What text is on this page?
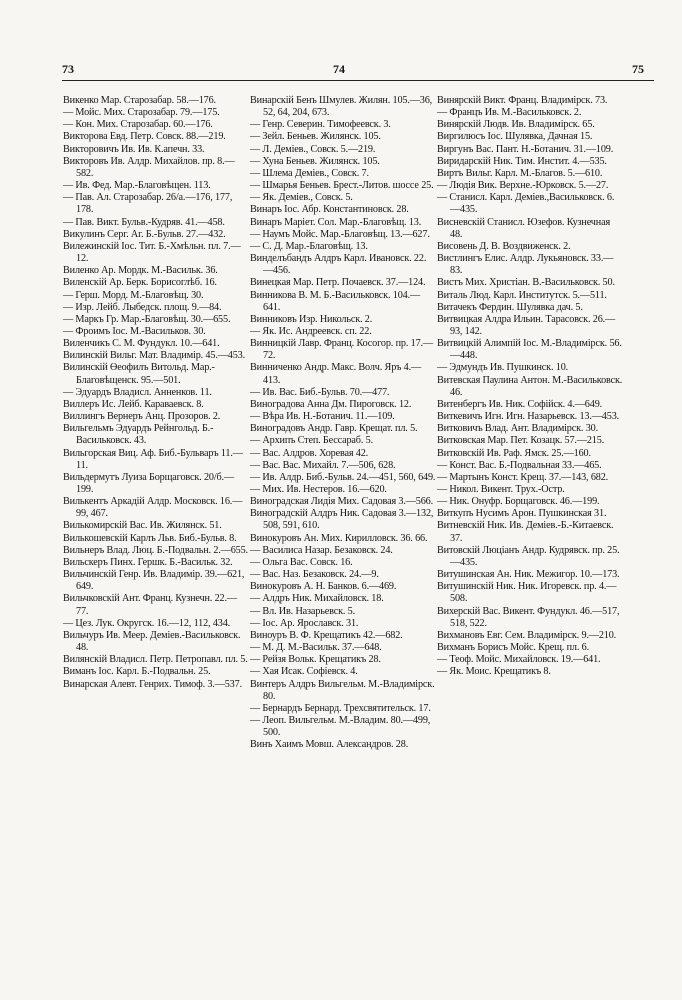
73	74	75
Викенко Мар. Старозабар. 58.—176.
— Мойс. Мих. Старозабар. 79.—175.
— Кон. Мих. Старозабар. 60.—176.
Викторова Евд. Петр. Совск. 88.—219.
Викторовичъ Ив. Ив. К.апечн. 33.
Викторовъ Ив. Алдр. Михайлов. пр. 8.—582.
— Ив. Фед. Мар.-Благовѣщен. 113.
— Пав. Ал. Старозабар. 26/а.—176, 177, 178.
— Пав. Викт. Бульв.-Кудряв. 41.—458.
Викулинъ Серг. Аг. Б.-Бульв. 27.—432.
Вилежинскій Іос. Тит. Б.-Хмѣльн. пл. 7.—12.
Виленко Ар. Мордк. М.-Васильк. 36.
Виленскій Ар. Берк. Борисоглѣб. 16.
— Герш. Морд. М.-Благовѣщ. 30.
— Изр. Лейб. Лыбедск. площ. 9.—84.
— Маркъ Гр. Мар.-Благовѣщ. 30.—655.
— Фроимъ Іос. М.-Васильков. 30.
Виленчикъ С. М. Фундукл. 10.—641.
Вилинскій Вильг. Мат. Владимір. 45.—453.
Вилинскій Өеофилъ Витольд. Мар.-Благовѣщенск. 95.—501.
— Эдуардъ Владисл. Анненков. 11.
Виллеръ Ис. Лейб. Караваевск. 8.
Виллингъ Вернеръ Анц. Прозоров. 2.
Вильгельмъ Эдуардъ Рейнгольд. Б.-Васильковск. 43.
Вильгорская Виц. Аф. Биб.-Бульваръ 11.—11.
Вильдермутъ Луиза Борщаговск. 20/б.—199.
Вилькентъ Аркадій Алдр. Московск. 16.—99, 467.
Вилькомирскій Вас. Ив. Жилянск. 51.
Вилькошевскій Карлъ Льв. Биб.-Бульв. 8.
Вильнеръ Влад. Люц. Б.-Подвальн. 2.—655.
Вильскеръ Пинх. Гершк. Б.-Васильк. 32.
Вильчинскій Генр. Ив. Владимір. 39.—621, 649.
Вильчковскій Ант. Франц. Кузнечн. 22.—77.
— Цез. Лук. Округск. 16.—12, 112, 434.
Вильчуръ Ив. Меер. Деміев.-Васильковск. 48.
Вилянскій Владисл. Петр. Петропавл. пл. 5.
Виманъ Іос. Карл. Б.-Подвальн. 25.
Винарская Алевт. Генрих. Тимоф. 3.—537.
Винарскій Бенъ Шмулев. Жилян. 105.—36, 52, 64, 204, 673.
— Генр. Северин. Тимофеевск. 3.
— Зейл. Беньев. Жилянск. 105.
— Л. Деміев., Совск. 5.—219.
— Хуна Беньев. Жилянск. 105.
— Шлема Деміев., Совск. 7.
— Шмарья Беньев. Брест.-Литов. шоссе 25.
— Як. Деміев., Совск. 5.
Винаръ Іос. Абр. Константиновск. 28.
Винаръ Маріет. Сол. Мар.-Благовѣщ. 13.
— Наумъ Мойс. Мар.-Благовѣщ. 13.—627.
— С. Д. Мар.-Благовѣщ. 13.
Винделъбандъ Алдръ Карл. Ивановск. 22.—456.
Винецкая Мар. Петр. Почаевск. 37.—124.
Винникова В. М. Б.-Васильковск. 104.—641.
Винниковъ Изр. Никольск. 2.
— Як. Ис. Андреевск. сп. 22.
Винницкій Лавр. Франц. Косогор. пр. 17.—72.
Винниченко Андр. Макс. Волч. Яръ 4.—413.
— Ив. Вас. Биб.-Бульв. 70.—477.
Виноградова Анна Дм. Пироговск. 12.
— Вѣра Ив. Н.-Ботанич. 11.—109.
Виноградовъ Андр. Гавр. Крещат. пл. 5.
— Архипъ Степ. Бессараб. 5.
— Вас. Алдров. Хоревая 42.
— Вас. Вас. Михайл. 7.—506, 628.
— Ив. Алдр. Биб.-Бульв. 24.—451, 560, 649.
— Мих. Ив. Нестеров. 16.—620.
Виноградская Лидія Мих. Садовая 3.—566.
Виноградскій Алдръ Ник. Садовая 3.—132, 508, 591, 610.
Винокуровъ Ан. Мих. Кирилловск. 36. 66.
— Василиса Назар. Безаковск. 24.
— Ольга Вас. Совск. 16.
— Вас. Наз. Безаковск. 24.—9.
Винокуровъ А. Н. Банков. 6.—469.
— Алдръ Ник. Михайловск. 18.
— Вл. Ив. Назарьевск. 5.
— Іос. Ар. Ярославск. 31.
Виноуръ В. Ф. Крещатикъ 42.—682.
— М. Д. М.-Васильк. 37.—648.
— Рейзя Вольк. Крещатикъ 28.
— Хая Исак. Софіевск. 4.
Винтеръ Алдръ Вильгельм. М.-Владимірск. 80.
— Бернардъ Бернард. Трехсвятительск. 17.
— Леоп. Вильгельм. М.-Владим. 80.—499, 500.
Винъ Хаимъ Мовш. Александров. 28.
Винярскій Викт. Франц. Владимірск. 73.
— Францъ Ив. М.-Васильковск. 2.
Винярскій Людв. Ив. Владимірск. 65.
Виргилюсъ Іос. Шулявка, Дачная 15.
Виргунъ Вас. Пант. Н.-Ботанич. 31.—109.
Виридарскій Ник. Тим. Инстит. 4.—535.
Виртъ Вильг. Карл. М.-Благов. 5.—610.
— Людія Вик. Верхне.-Юрковск. 5.—27.
— Станисл. Карл. Деміев.,Васильковск. 6.—435.
Висневскій Станисл. Юзефов. Кузнечная 48.
Висовень Д. В. Воздвиженск. 2.
Вистлингъ Елис. Алдр. Лукьяновск. 33.—83.
Вистъ Мих. Христіан. В.-Васильковск. 50.
Виталь Люд. Карл. Институтск. 5.—511.
Витачекъ Фердин. Шулявка дач. 5.
Витвицкая Алдра Ильин. Тарасовск. 26.—93, 142.
Витвицкій Алимпій Іос. М.-Владимірск. 56.—448.
— Эдмундъ Ив. Пушкинск. 10.
Витевская Паулина Антон. М.-Васильковск. 46.
Витенбергъ Ив. Ник. Софійск. 4.—649.
Виткевичъ Игн. Игн. Назарьевск. 13.—453.
Витковичъ Влад. Ант. Владимірск. 30.
Витковская Мар. Пет. Козацк. 57.—215.
Витковскій Ив. Раф. Ямск. 25.—160.
— Конст. Вас. Б.-Подвальная 33.—465.
— Мартынъ Конст. Крещ. 37.—143, 682.
— Никол. Викент. Трух.-Остр.
— Ник. Онуфр. Борщаговск. 46.—199.
Виткупъ Нусимъ Арон. Пушкинская 31.
Витневскій Ник. Ив. Деміев.-Б.-Китаевск. 37.
Витовскій Люціанъ Андр. Кудрявск. пр. 25.—435.
Витушинская Ан. Ник. Межигор. 10.—173.
Витушинскій Ник. Ник. Игоревск. пр. 4.—508.
Вихерскій Вас. Викент. Фундукл. 46.—517, 518, 522.
Вихмановъ Евг. Сем. Владимірск. 9.—210.
Вихманъ Борисъ Мойс. Крещ. пл. 6.
— Теоф. Мойс. Михайловск. 19.—641.
— Як. Моис. Крещатикъ 8.
